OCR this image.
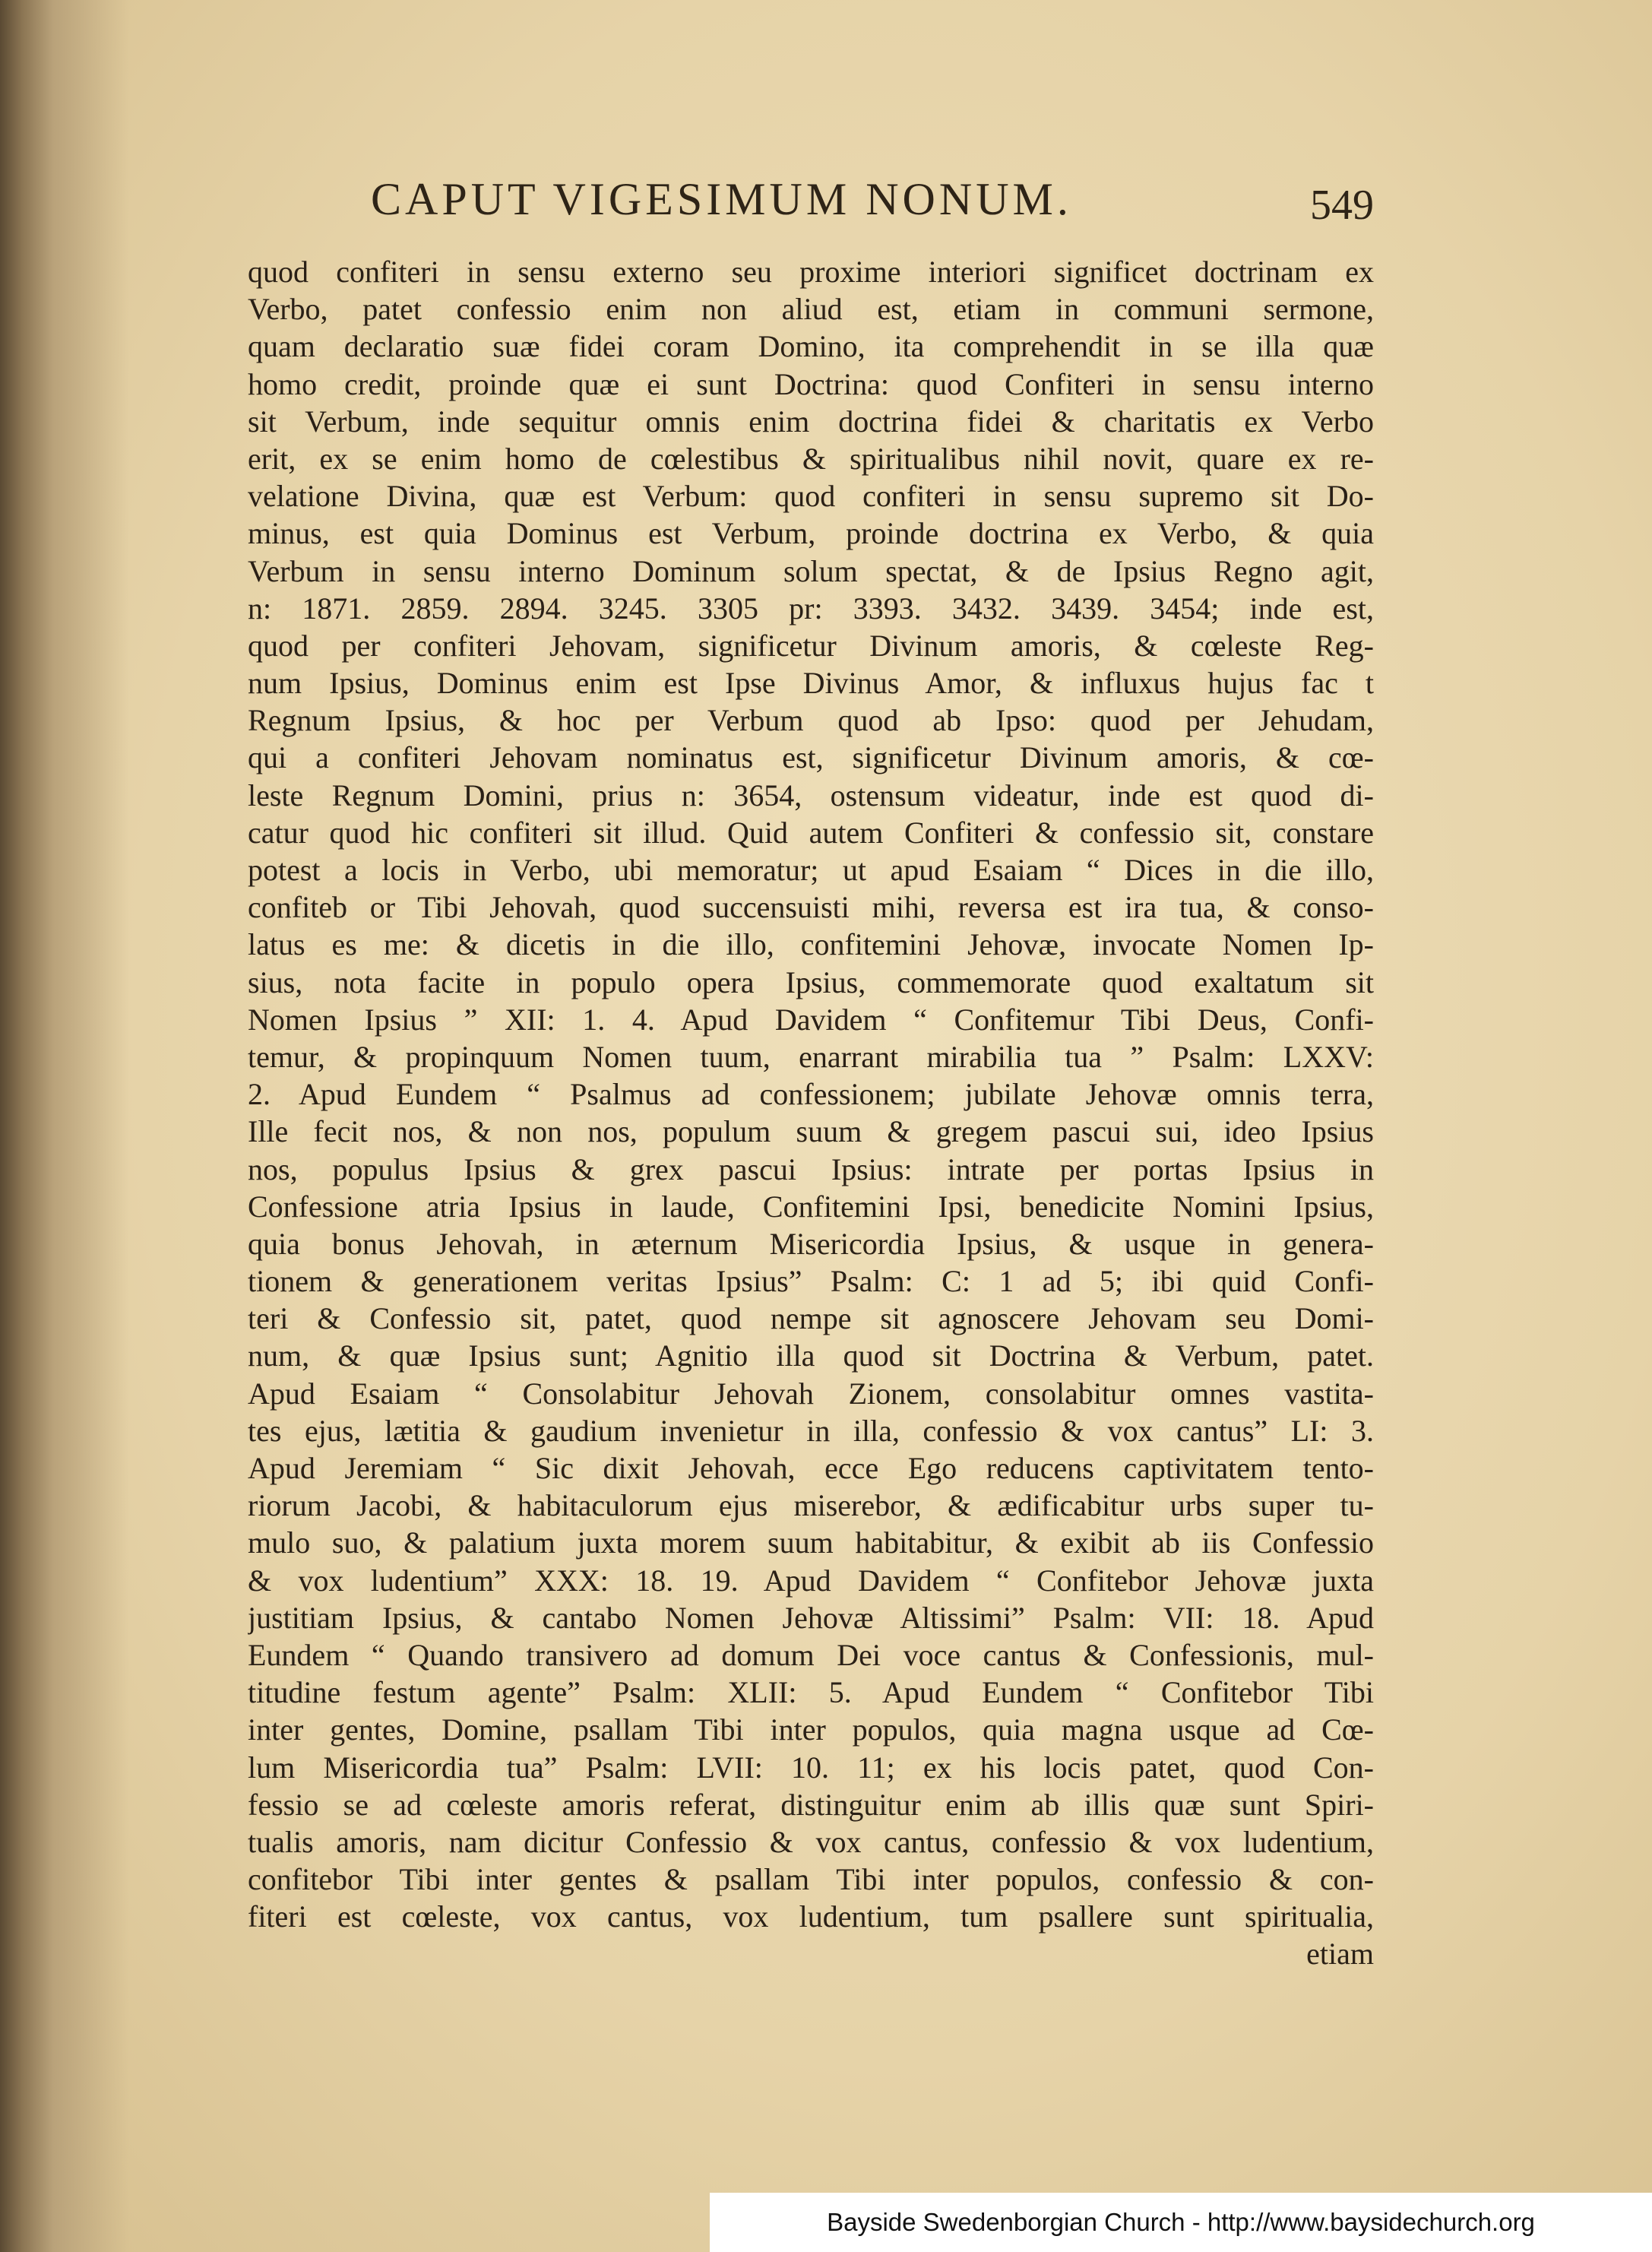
CAPUT VIGESIMUM NONUM.	549
quod confiteri in sensu externo seu proxime interiori significet doctrinam ex
Verbo, patet confessio enim non aliud est, etiam in communi sermone,
quam declaratio suæ fidei coram Domino, ita comprehendit in se illa quæ
homo credit, proinde quæ ei sunt Doctrina: quod Confiteri in sensu interno
sit Verbum, inde sequitur omnis enim doctrina fidei & charitatis ex Verbo
erit, ex se enim homo de cœlestibus & spiritualibus nihil novit, quare ex re-
velatione Divina, quæ est Verbum: quod confiteri in sensu supremo sit Do-
minus, est quia Dominus est Verbum, proinde doctrina ex Verbo, & quia
Verbum in sensu interno Dominum solum spectat, & de Ipsius Regno agit,
n: 1871. 2859. 2894. 3245. 3305 pr: 3393. 3432. 3439. 3454; inde est,
quod per confiteri Jehovam, significetur Divinum amoris, & cœleste Reg-
num Ipsius, Dominus enim est Ipse Divinus Amor, & influxus hujus fac t
Regnum Ipsius, & hoc per Verbum quod ab Ipso: quod per Jehudam,
qui a confiteri Jehovam nominatus est, significetur Divinum amoris, & cœ-
leste Regnum Domini, prius n: 3654, ostensum videatur, inde est quod di-
catur quod hic confiteri sit illud. Quid autem Confiteri & confessio sit, constare
potest a locis in Verbo, ubi memoratur; ut apud Esaiam “ Dices in die illo,
confiteb or Tibi Jehovah, quod succensuisti mihi, reversa est ira tua, & conso-
latus es me: & dicetis in die illo, confitemini Jehovæ, invocate Nomen Ip-
sius, nota facite in populo opera Ipsius, commemorate quod exaltatum sit
Nomen Ipsius ” XII: 1. 4. Apud Davidem “ Confitemur Tibi Deus, Confi-
temur, & propinquum Nomen tuum, enarrant mirabilia tua ” Psalm: LXXV:
2. Apud Eundem “ Psalmus ad confessionem; jubilate Jehovæ omnis terra,
Ille fecit nos, & non nos, populum suum & gregem pascui sui, ideo Ipsius
nos, populus Ipsius & grex pascui Ipsius: intrate per portas Ipsius in
Confessione atria Ipsius in laude, Confitemini Ipsi, benedicite Nomini Ipsius,
quia bonus Jehovah, in æternum Misericordia Ipsius, & usque in genera-
tionem & generationem veritas Ipsius” Psalm: C: 1 ad 5; ibi quid Confi-
teri & Confessio sit, patet, quod nempe sit agnoscere Jehovam seu Domi-
num, & quæ Ipsius sunt; Agnitio illa quod sit Doctrina & Verbum, patet.
Apud Esaiam “ Consolabitur Jehovah Zionem, consolabitur omnes vastita-
tes ejus, lætitia & gaudium invenietur in illa, confessio & vox cantus” LI: 3.
Apud Jeremiam “ Sic dixit Jehovah, ecce Ego reducens captivitatem tento-
riorum Jacobi, & habitaculorum ejus miserebor, & ædificabitur urbs super tu-
mulo suo, & palatium juxta morem suum habitabitur, & exibit ab iis Confessio
& vox ludentium” XXX: 18. 19. Apud Davidem “ Confitebor Jehovæ juxta
justitiam Ipsius, & cantabo Nomen Jehovæ Altissimi” Psalm: VII: 18. Apud
Eundem “ Quando transivero ad domum Dei voce cantus & Confessionis, mul-
titudine festum agente” Psalm: XLII: 5. Apud Eundem “ Confitebor Tibi
inter gentes, Domine, psallam Tibi inter populos, quia magna usque ad Cœ-
lum Misericordia tua” Psalm: LVII: 10. 11; ex his locis patet, quod Con-
fessio se ad cœleste amoris referat, distinguitur enim ab illis quæ sunt Spiri-
tualis amoris, nam dicitur Confessio & vox cantus, confessio & vox ludentium,
confitebor Tibi inter gentes & psallam Tibi inter populos, confessio & con-
fiteri est cœleste, vox cantus, vox ludentium, tum psallere sunt spiritualia,
etiam
Bayside Swedenborgian Church - http://www.baysidechurch.org
